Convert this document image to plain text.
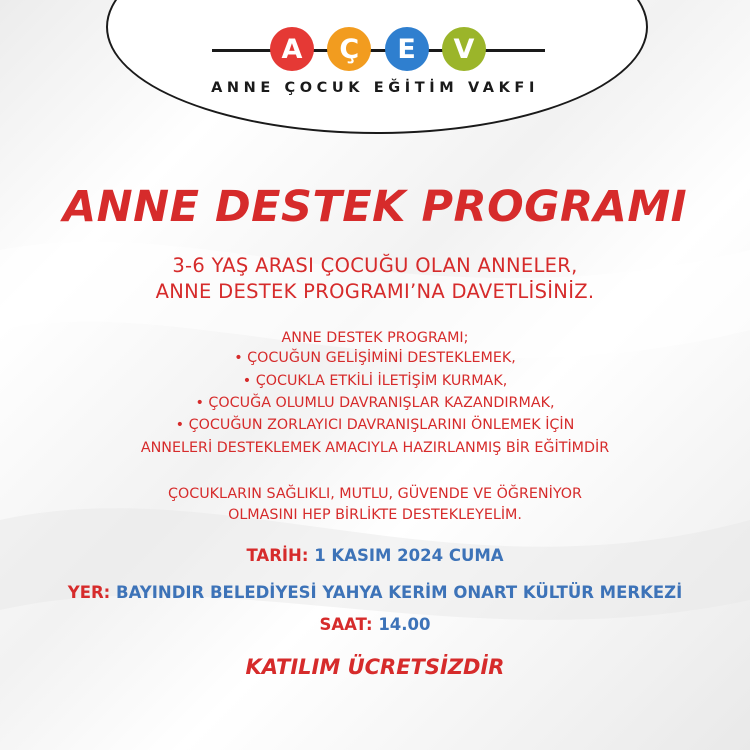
A	Ç	E	V
ANNE ÇOCUK EĞİTİM VAKFI
ANNE DESTEK PROGRAMI
3-6 YAŞ ARASI ÇOCUĞU OLAN ANNELER,
ANNE DESTEK PROGRAMI’NA DAVETLİSİNİZ.
ANNE DESTEK PROGRAMI;
• ÇOCUĞUN GELİŞİMİNİ DESTEKLEMEK,
• ÇOCUKLA ETKİLİ İLETİŞİM KURMAK,
• ÇOCUĞA OLUMLU DAVRANIŞLAR KAZANDIRMAK,
• ÇOCUĞUN ZORLAYICI DAVRANIŞLARINI ÖNLEMEK İÇİN
ANNELERİ DESTEKLEMEK AMACIYLA HAZIRLANMIŞ BİR EĞİTİMDİR
ÇOCUKLARIN SAĞLIKLI, MUTLU, GÜVENDE VE ÖĞRENİYOR
OLMASINI HEP BİRLİKTE DESTEKLEYELİM.
TARİH: 1 KASIM 2024 CUMA
YER: BAYINDIR BELEDİYESİ YAHYA KERİM ONART KÜLTÜR MERKEZİ
SAAT: 14.00
KATILIM ÜCRETSİZDİR
